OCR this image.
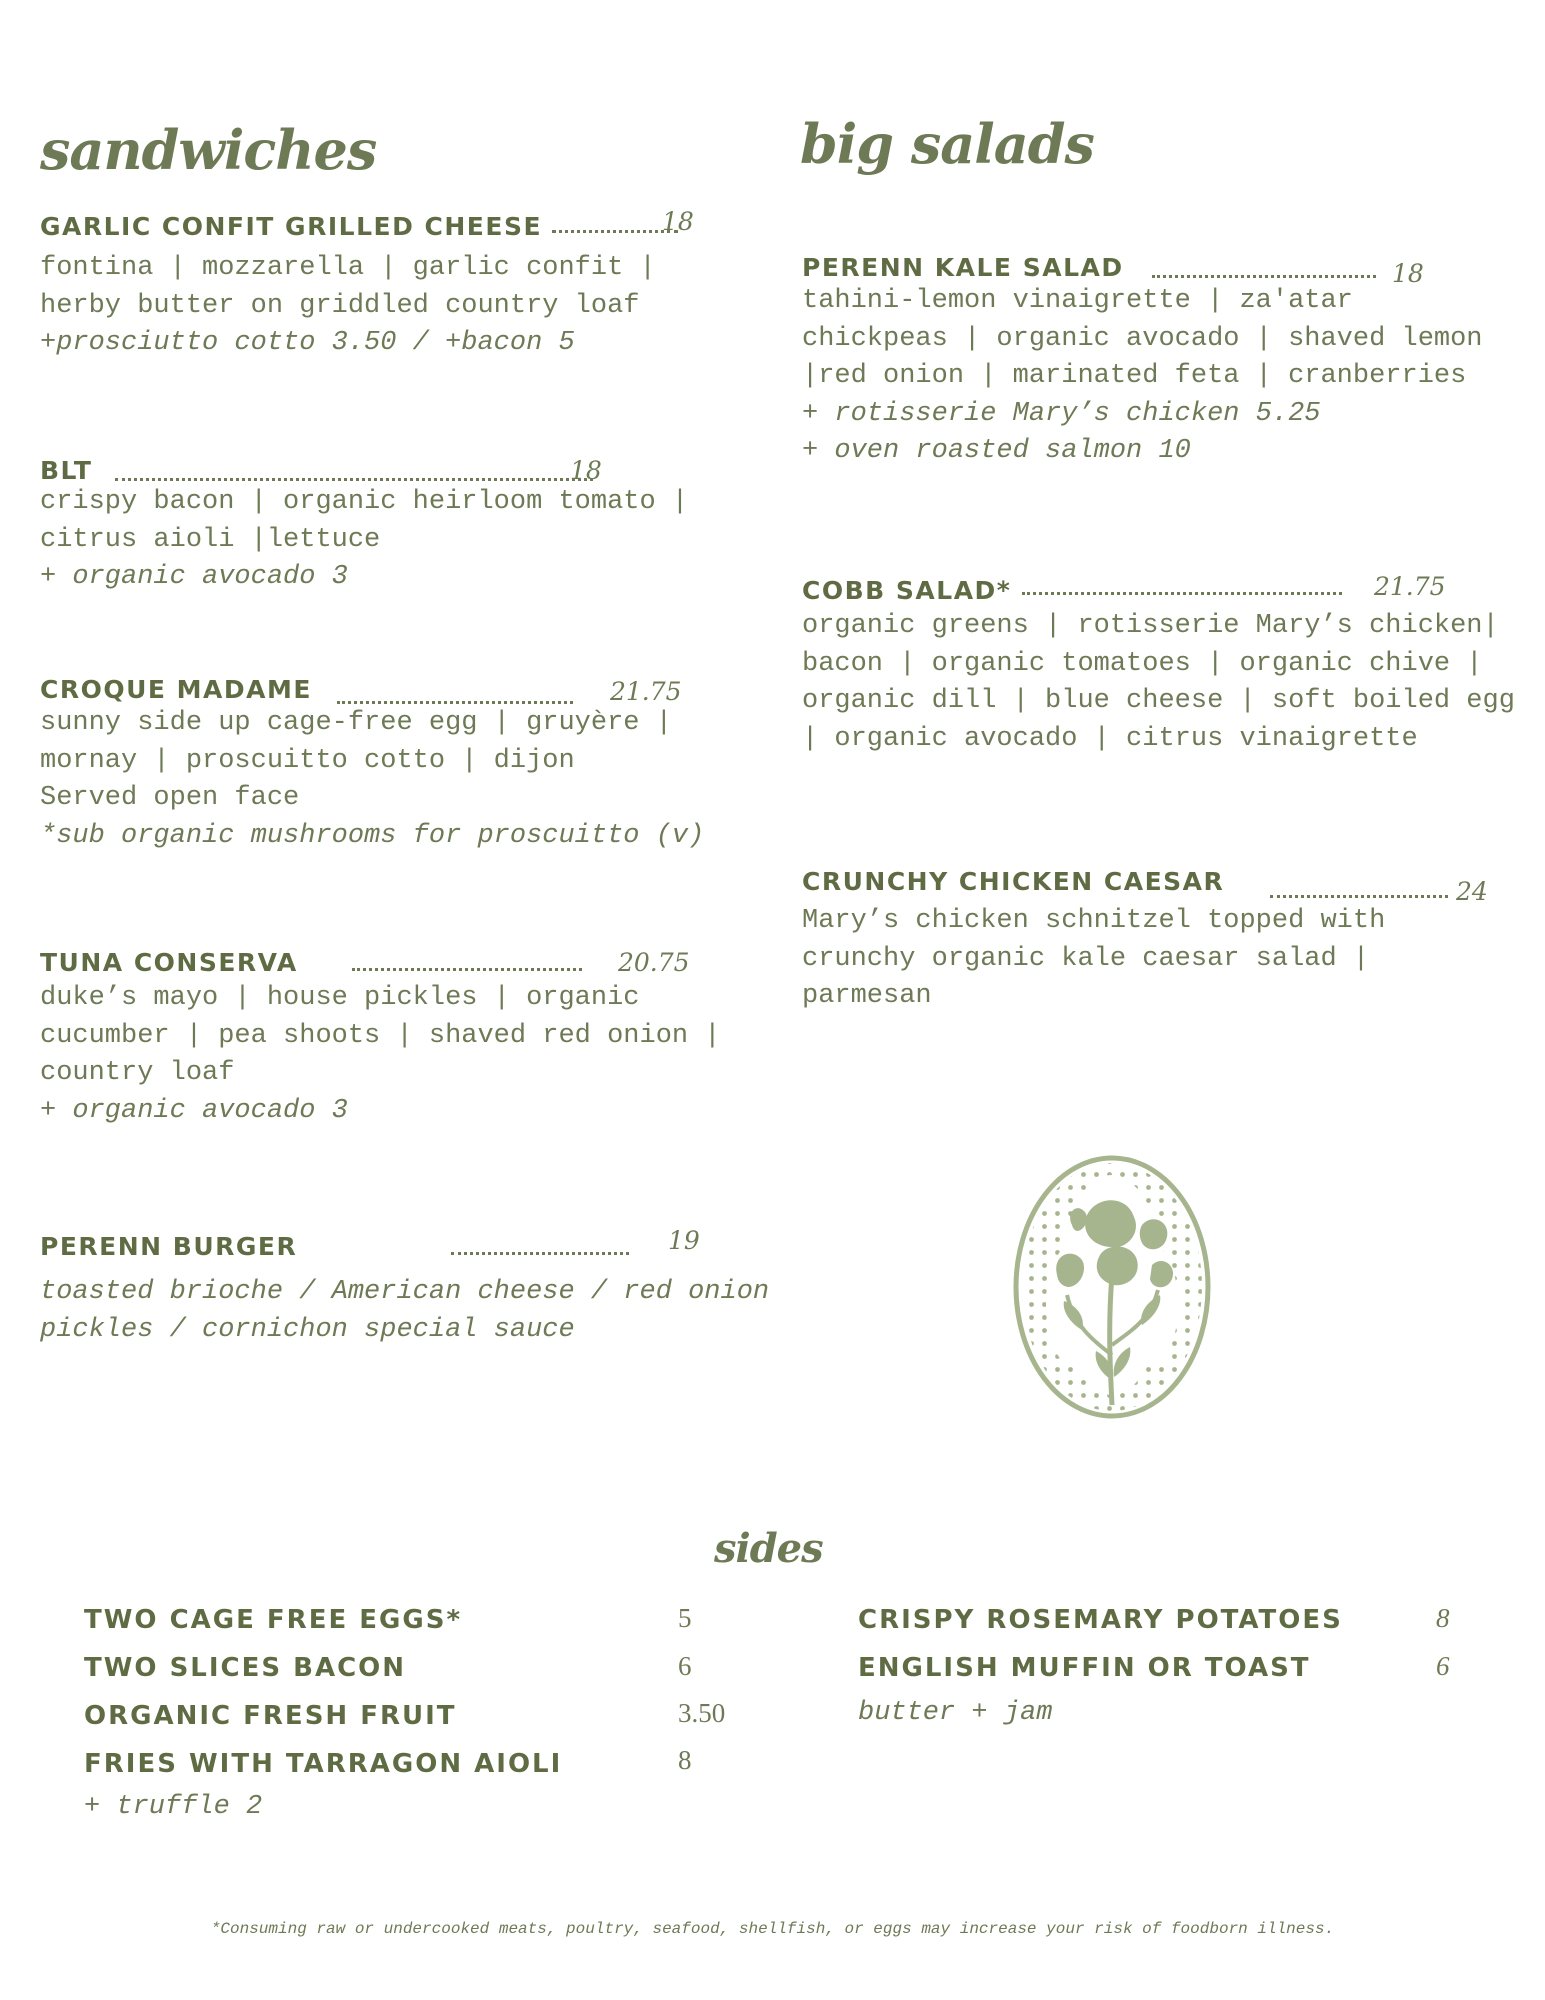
sandwiches	big salads
sides
GARLIC CONFIT GRILLED CHEESE	18
fontina | mozzarella | garlic confit |
herby butter on griddled country loaf
+prosciutto cotto 3.50 / +bacon 5
BLT	18
crispy bacon | organic heirloom tomato |
citrus aioli |lettuce
+ organic avocado 3
CROQUE MADAME	21.75
sunny side up cage-free egg | gruyère |
mornay | proscuitto cotto | dijon
Served open face
*sub organic mushrooms for proscuitto (v)
TUNA CONSERVA	20.75
duke’s mayo | house pickles | organic
cucumber | pea shoots | shaved red onion |
country loaf
+ organic avocado 3
PERENN BURGER	19
toasted brioche / American cheese / red onion
pickles / cornichon special sauce
PERENN KALE SALAD	18
tahini-lemon vinaigrette | za'atar
chickpeas | organic avocado | shaved lemon
|red onion | marinated feta | cranberries
+ rotisserie Mary’s chicken 5.25
+ oven roasted salmon 10
COBB SALAD*	21.75
organic greens | rotisserie Mary’s chicken|
bacon | organic tomatoes | organic chive |
organic dill | blue cheese | soft boiled egg
| organic avocado | citrus vinaigrette
CRUNCHY CHICKEN CAESAR	24
Mary’s chicken schnitzel topped with
crunchy organic kale caesar salad |
parmesan
TWO CAGE FREE EGGS*	5
TWO SLICES BACON	6
ORGANIC FRESH FRUIT	3.50
FRIES WITH TARRAGON AIOLI	8
+ truffle 2
CRISPY ROSEMARY POTATOES	8
ENGLISH MUFFIN OR TOAST	6
butter + jam
*Consuming raw or undercooked meats, poultry, seafood, shellfish, or eggs may increase your risk of foodborn illness.
